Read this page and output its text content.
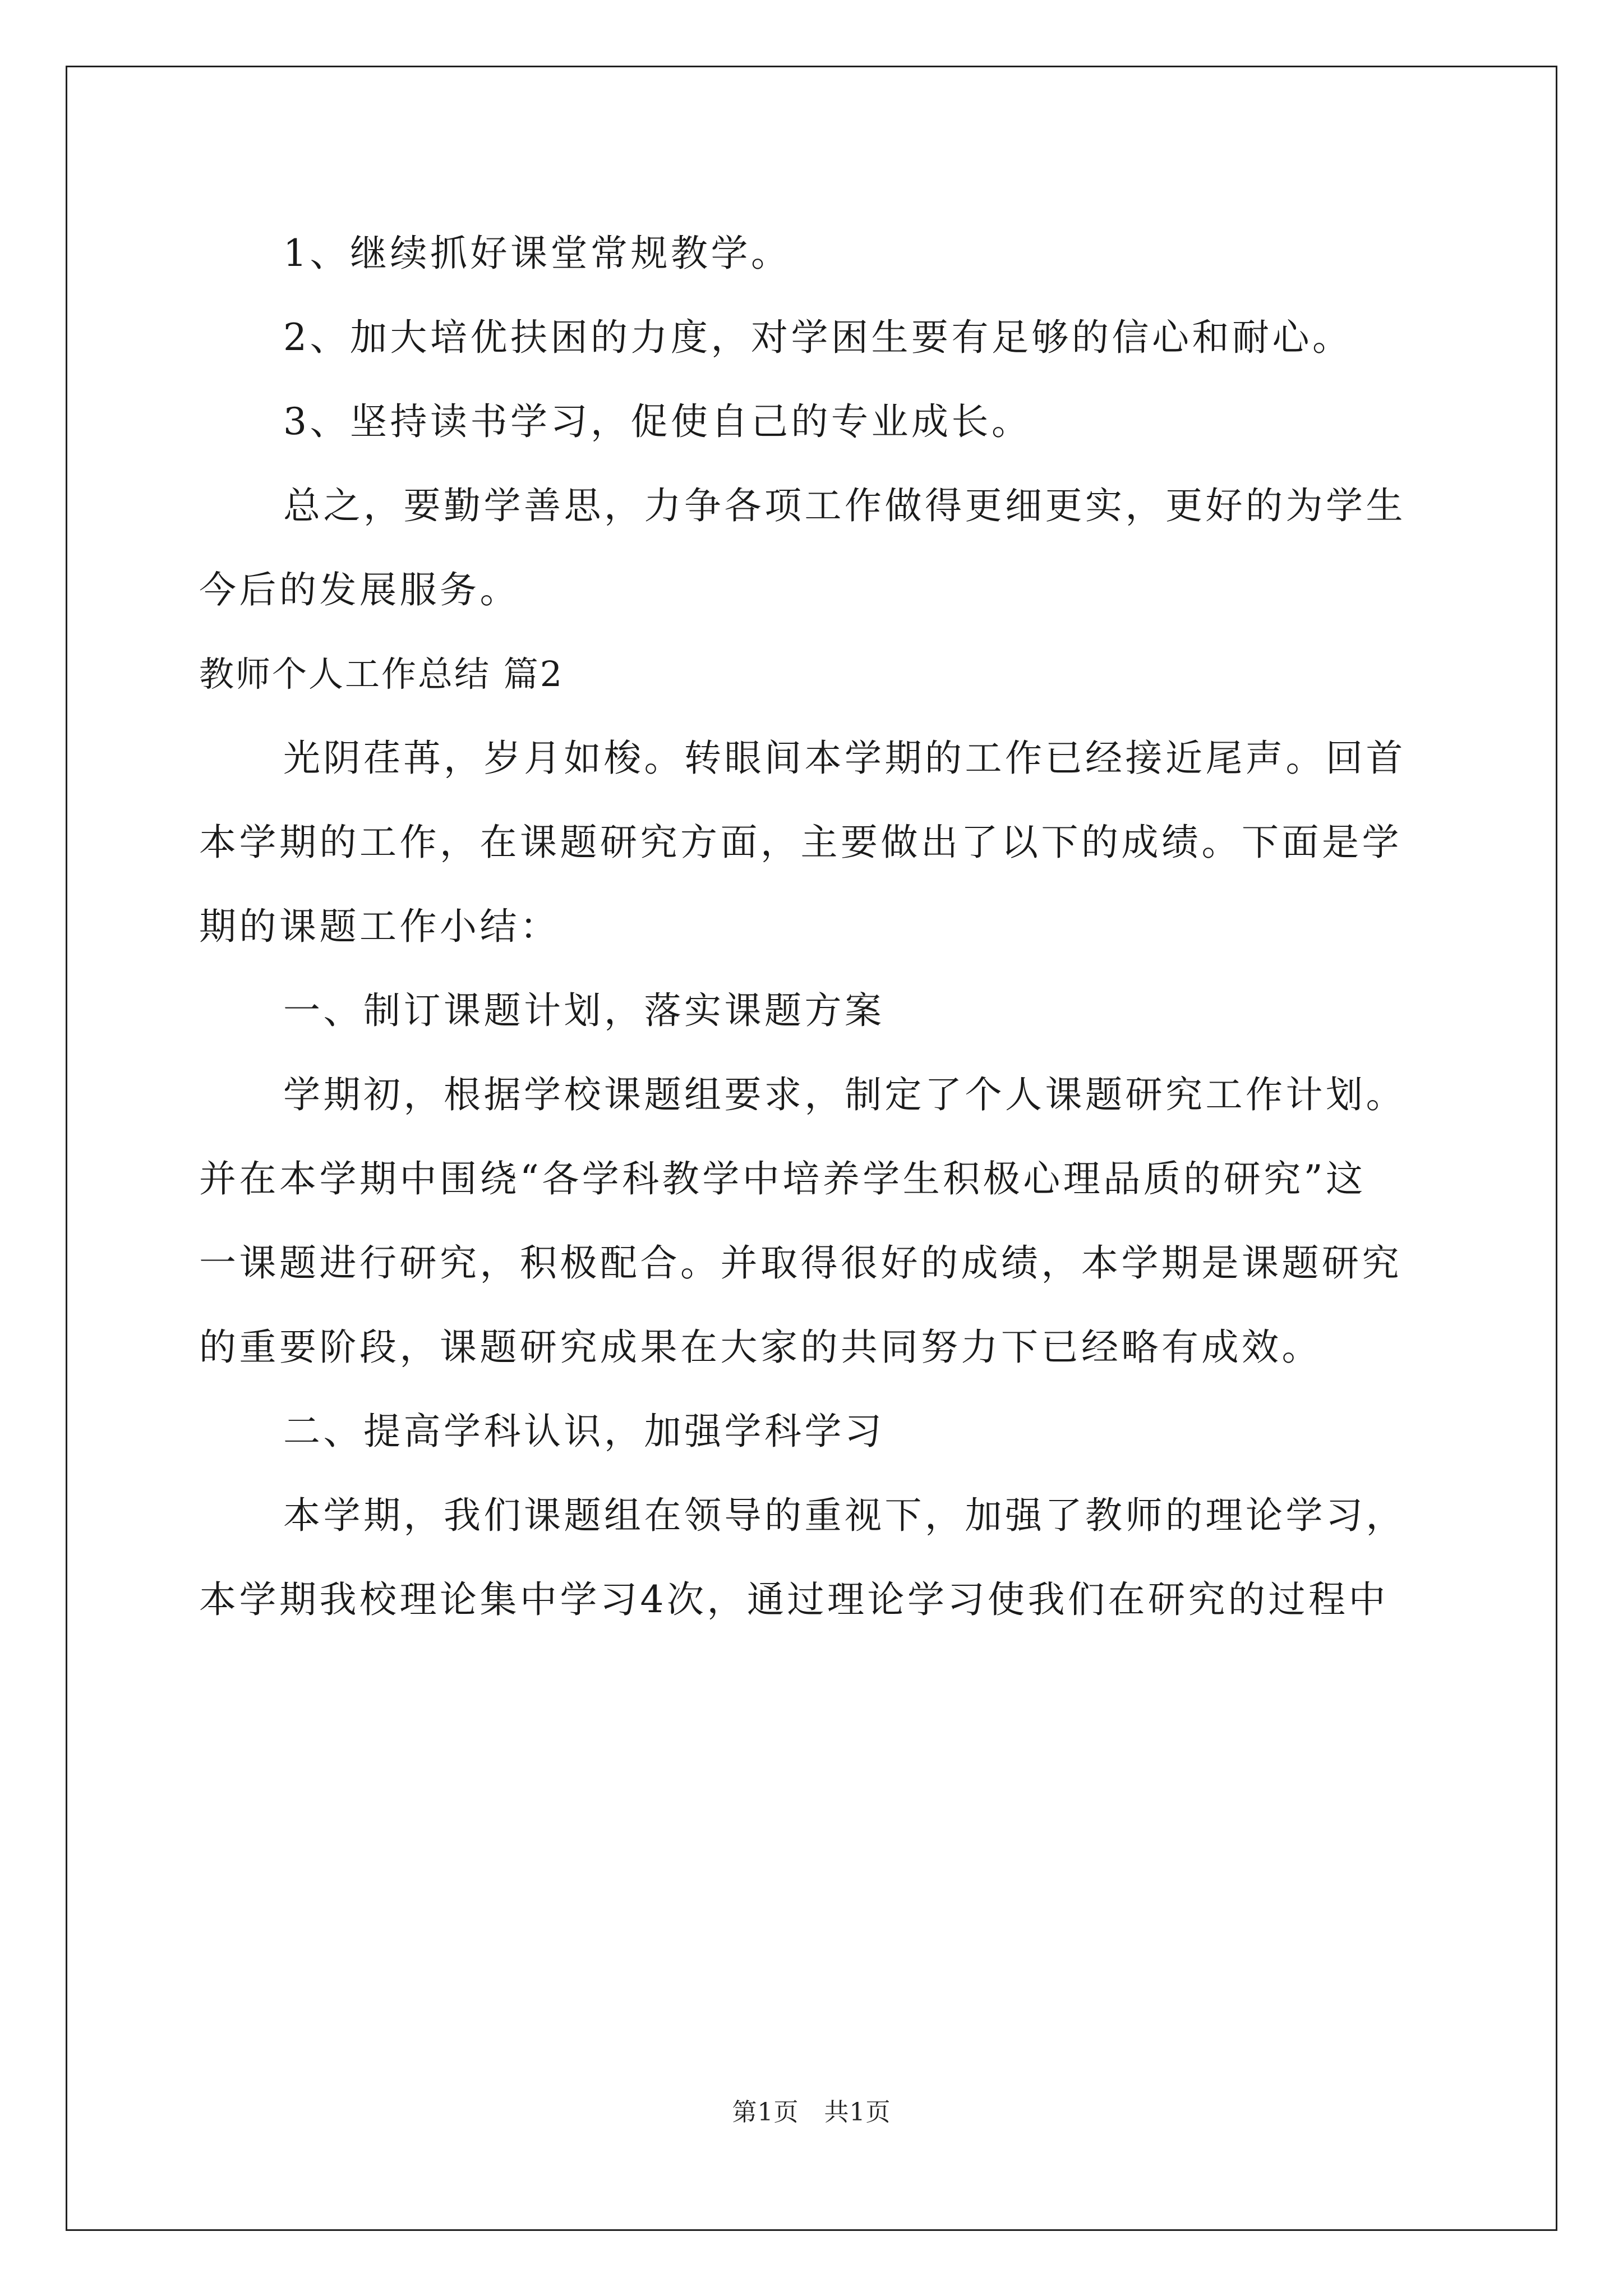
1、继续抓好课堂常规教学。
2、加大培优扶困的力度，对学困生要有足够的信心和耐心。
3、坚持读书学习，促使自己的专业成长。
总之，要勤学善思，力争各项工作做得更细更实，更好的为学生
今后的发展服务。
教师个人工作总结 篇2
光阴荏苒，岁月如梭。转眼间本学期的工作已经接近尾声。回首
本学期的工作，在课题研究方面，主要做出了以下的成绩。下面是学
期的课题工作小结：
一、制订课题计划，落实课题方案
学期初，根据学校课题组要求，制定了个人课题研究工作计划。
并在本学期中围绕“各学科教学中培养学生积极心理品质的研究”这
一课题进行研究，积极配合。并取得很好的成绩，本学期是课题研究
的重要阶段，课题研究成果在大家的共同努力下已经略有成效。
二、提高学科认识，加强学科学习
本学期，我们课题组在领导的重视下，加强了教师的理论学习，
本学期我校理论集中学习4次，通过理论学习使我们在研究的过程中
第1页　共1页
